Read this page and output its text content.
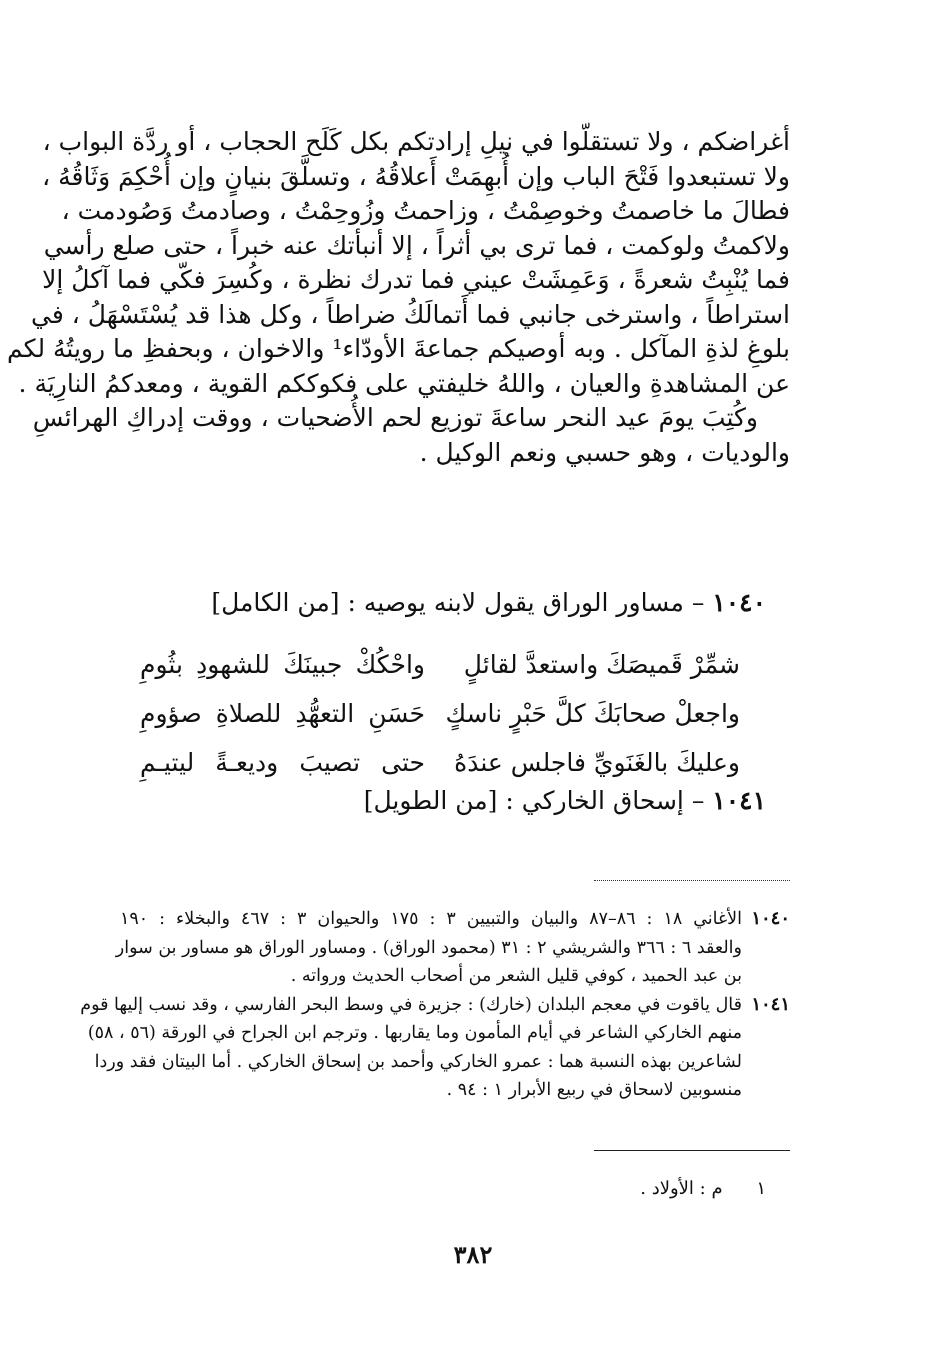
أغراضكم ، ولا تستقلّوا في نيلِ إرادتكم بكل كَلَح الحجاب ، أو ردَّة البواب ،
ولا تستبعدوا فَتْحَ الباب وإن أُبهِمَتْ أَعلاقُهُ ، وتسلَّقَ بنيانٍ وإن أُحْكِمَ وَثَاقُهُ ،
فطالَ ما خاصمتُ وخوصِمْتُ ، وزاحمتُ وزُوحِمْتُ ، وصادمتُ وَصُودمت ،
ولاكمتُ ولوكمت ، فما ترى بي أثراً ، إلا أنبأتك عنه خبراً ، حتى صلع رأسي
فما يُنْبِتُ شعرةً ، وَعَمِشَتْ عيني فما تدرك نظرة ، وكُسِرَ فكّي فما آكلُ إلا
استراطاً ، واسترخى جانبي فما أَتمالَكُ ضراطاً ، وكل هذا قد يُسْتَسْهَلُ ، في
بلوغِ لذةِ المآكل . وبه أوصيكم جماعةَ الأودّاء¹ والاخوان ، وبحفظِ ما رويتُهُ لكم
عن المشاهدةِ والعيان ، واللهُ خليفتي على فكوككم القوية ، ومعدكمُ النارِيَة .
وكُتِبَ يومَ عيد النحر ساعةَ توزيع لحم الأُضحيات ، ووقت إدراكِ الهرائسِ
والوديات ، وهو حسبي ونعم الوكيل .
١٠٤٠ – مساور الوراق يقول لابنه يوصيه : [من الكامل]
شمِّرْ قَميصَكَ واستعدَّ لقائلٍ
واحْكُكْ جبينَكَ للشهودِ بثُومِ
واجعلْ صحابَكَ كلَّ حَبْرٍ ناسكٍ
حَسَنِ التعهُّدِ للصلاةِ صؤومِ
وعليكَ بالغَنَويِّ فاجلس عندَهُ
حتى تصيبَ وديعـةً ليتيـمِ
١٠٤١ – إسحاق الخاركي : [من الطويل]
١٠٤٠
الأغاني ١٨ : ٨٦–٨٧ والبيان والتبيين ٣ : ١٧٥ والحيوان ٣ : ٤٦٧ والبخلاء : ١٩٠
والعقد ٦ : ٣٦٦ والشريشي ٢ : ٣١ (محمود الوراق) . ومساور الوراق هو مساور بن سوار
بن عبد الحميد ، كوفي قليل الشعر من أصحاب الحديث ورواته .
١٠٤١
قال ياقوت في معجم البلدان (خارك) : جزيرة في وسط البحر الفارسي ، وقد نسب إليها قوم
منهم الخاركي الشاعر في أيام المأمون وما يقاربها . وترجم ابن الجراح في الورقة (٥٦ ، ٥٨)
لشاعرين بهذه النسبة هما : عمرو الخاركي وأحمد بن إسحاق الخاركي . أما البيتان فقد وردا
منسوبين لاسحاق في ربيع الأبرار ١ : ٩٤ .
١ م : الأولاد .
٣٨٢
